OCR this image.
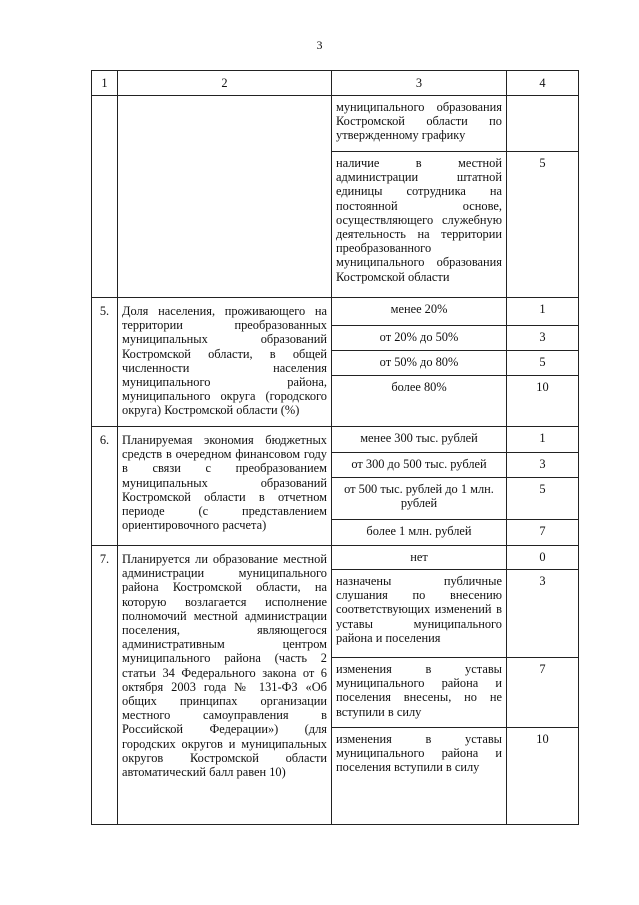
3
1	2	3	4
		муниципального образования Костромской области по утвержденному графику	
		наличие в местной администрации штатной единицы сотрудника на постоянной основе, осуществляющего служебную деятельность на территории преобразованного муниципального образования Костромской области	5
5.	Доля населения, проживающего на территории преобразованных муниципальных образований Костромской области, в общей численности населения муниципального района, муниципального округа (городского округа) Костромской области (%)	менее 20%	1
		от 20% до 50%	3
		от 50% до 80%	5
		более 80%	10
6.	Планируемая экономия бюджетных средств в очередном финансовом году в связи с преобразованием муниципальных образований Костромской области в отчетном периоде (с представлением ориентировочного расчета)	менее 300 тыс. рублей	1
		от 300 до 500 тыс. рублей	3
		от 500 тыс. рублей до 1 млн. рублей	5
		более 1 млн. рублей	7
7.	Планируется ли образование местной администрации муниципального района Костромской области, на которую возлагается исполнение полномочий местной администрации поселения, являющегося административным центром муниципального района (часть 2 статьи 34 Федерального закона от 6 октября 2003 года № 131-ФЗ «Об общих принципах организации местного самоуправления в Российской Федерации») (для городских округов и муниципальных округов Костромской области автоматический балл равен 10)	нет	0
		назначены публичные слушания по внесению соответствующих изменений в уставы муниципального района и поселения	3
		изменения в уставы муниципального района и поселения внесены, но не вступили в силу	7
		изменения в уставы муниципального района и поселения вступили в силу	10
